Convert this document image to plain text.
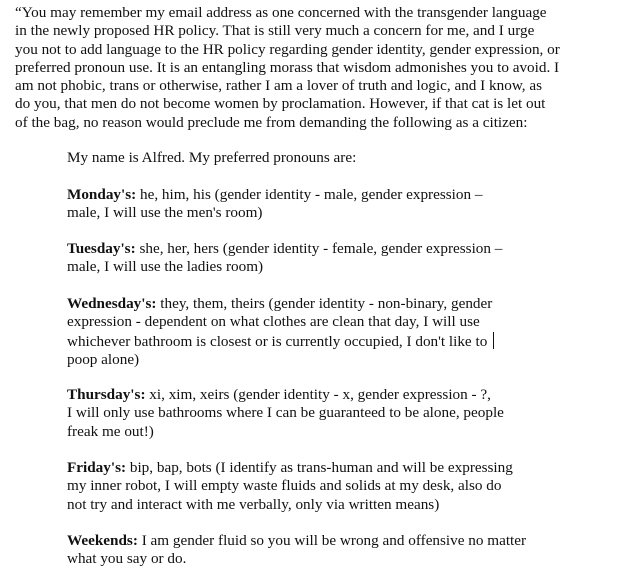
“You may remember my email address as one concerned with the transgender language
in the newly proposed HR policy. That is still very much a concern for me, and I urge
you not to add language to the HR policy regarding gender identity, gender expression, or
preferred pronoun use. It is an entangling morass that wisdom admonishes you to avoid. I
am not phobic, trans or otherwise, rather I am a lover of truth and logic, and I know, as
do you, that men do not become women by proclamation. However, if that cat is let out
of the bag, no reason would preclude me from demanding the following as a citizen:

My name is Alfred. My preferred pronouns are:

Monday's: he, him, his (gender identity - male, gender expression –
male, I will use the men's room)

Tuesday's: she, her, hers (gender identity - female, gender expression –
male, I will use the ladies room)

Wednesday's: they, them, theirs (gender identity - non-binary, gender
expression - dependent on what clothes are clean that day, I will use
whichever bathroom is closest or is currently occupied, I don't like to
poop alone)

Thursday's: xi, xim, xeirs (gender identity - x, gender expression - ?,
I will only use bathrooms where I can be guaranteed to be alone, people
freak me out!)

Friday's: bip, bap, bots (I identify as trans-human and will be expressing
my inner robot, I will empty waste fluids and solids at my desk, also do
not try and interact with me verbally, only via written means)

Weekends: I am gender fluid so you will be wrong and offensive no matter
what you say or do.
